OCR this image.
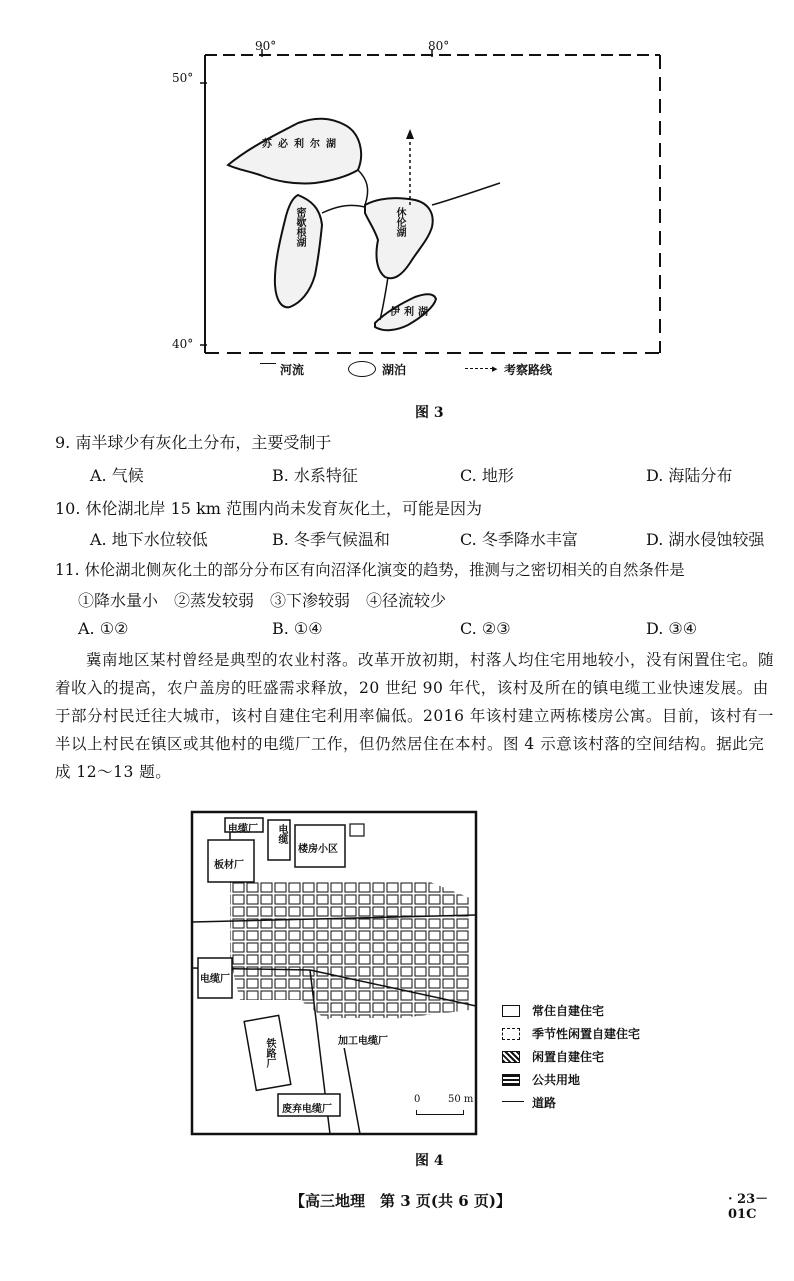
90°	80°
50°
40°
苏必利尔湖
密歇根湖	休伦湖
伊利湖
河流	湖泊	▸ 考察路线
图 3
9. 南半球少有灰化土分布，主要受制于
A. 气候	B. 水系特征	C. 地形	D. 海陆分布
10. 休伦湖北岸 15 km 范围内尚未发育灰化土，可能是因为
A. 地下水位较低	B. 冬季气候温和	C. 冬季降水丰富	D. 湖水侵蚀较强
11. 休伦湖北侧灰化土的部分分布区有向沼泽化演变的趋势，推测与之密切相关的自然条件是
①降水量小　②蒸发较弱　③下渗较弱　④径流较少
A. ①②	B. ①④	C. ②③	D. ③④
冀南地区某村曾经是典型的农业村落。改革开放初期，村落人均住宅用地较小，没有闲置住宅。随着收入的提高，农户盖房的旺盛需求释放，20 世纪 90 年代，该村及所在的镇电缆工业快速发展。由于部分村民迁往大城市，该村自建住宅利用率偏低。2016 年该村建立两栋楼房公寓。目前，该村有一半以上村民在镇区或其他村的电缆厂工作，但仍然居住在本村。图 4 示意该村落的空间结构。据此完成 12～13 题。
电缆厂 电缆
楼房小区
板材厂
电缆厂
铁路厂	加工电缆厂
废弃电缆厂
0	50 m
常住自建住宅
季节性闲置自建住宅
闲置自建住宅
公共用地
道路
图 4
【高三地理　第 3 页(共 6 页)】	· 23－01C
